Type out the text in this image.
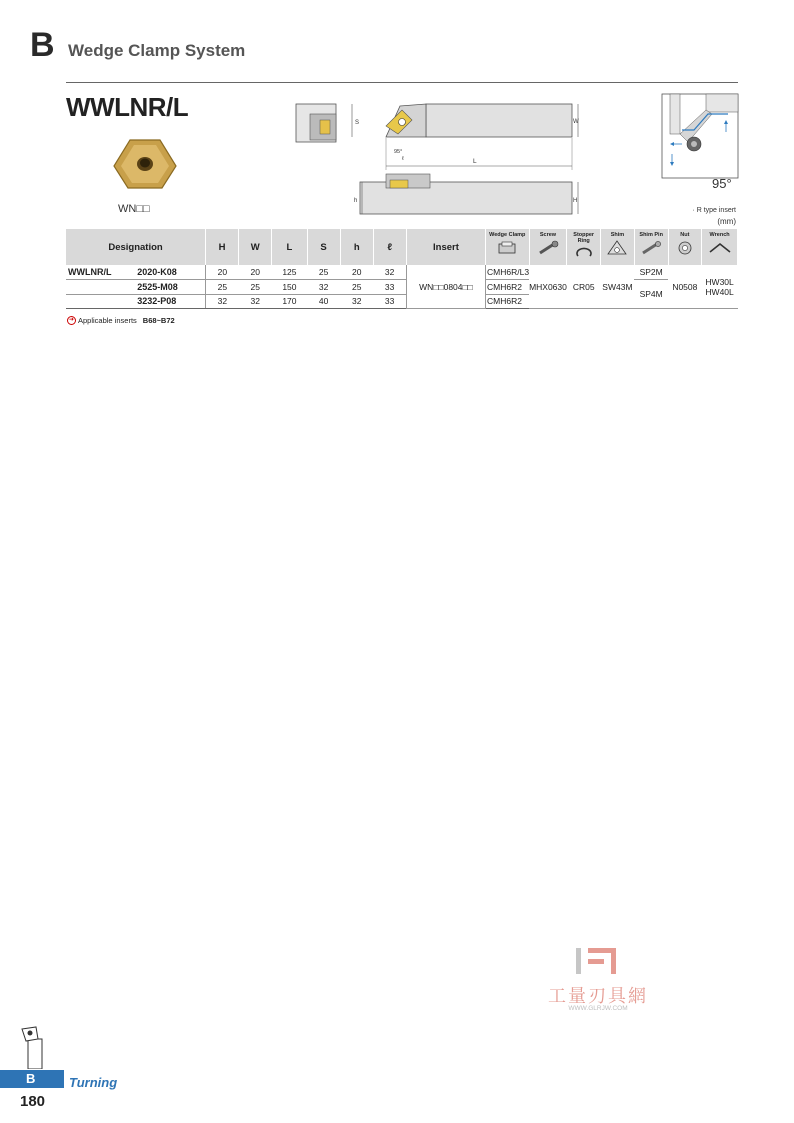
B Wedge Clamp System
WWLNR/L
WN□□
S	W
95°
ℓ	L
h	H
95°
· R type insert
(mm)
Designation		H	W	L	S	h	ℓ	Insert	Wedge Clamp	Screw	Stopper Ring	Shim	Shim Pin	Nut	Wrench

WWLNR/L	2020-K08	20	20	125	25	20	32	WN□□0804□□	CMH6R/L3	MHX0630	CR05	SW43M	SP2M	N0508	HW30L
HW40L

	2525-M08	25	25	150	32	25	33		CMH6R2				SP4M		
	3232-P08	32	32	170	40	32	33		CMH6R2						
➜ Applicable inserts B68~B72
工量刃具網
WWW.GLRJW.COM
B	Turning
180
